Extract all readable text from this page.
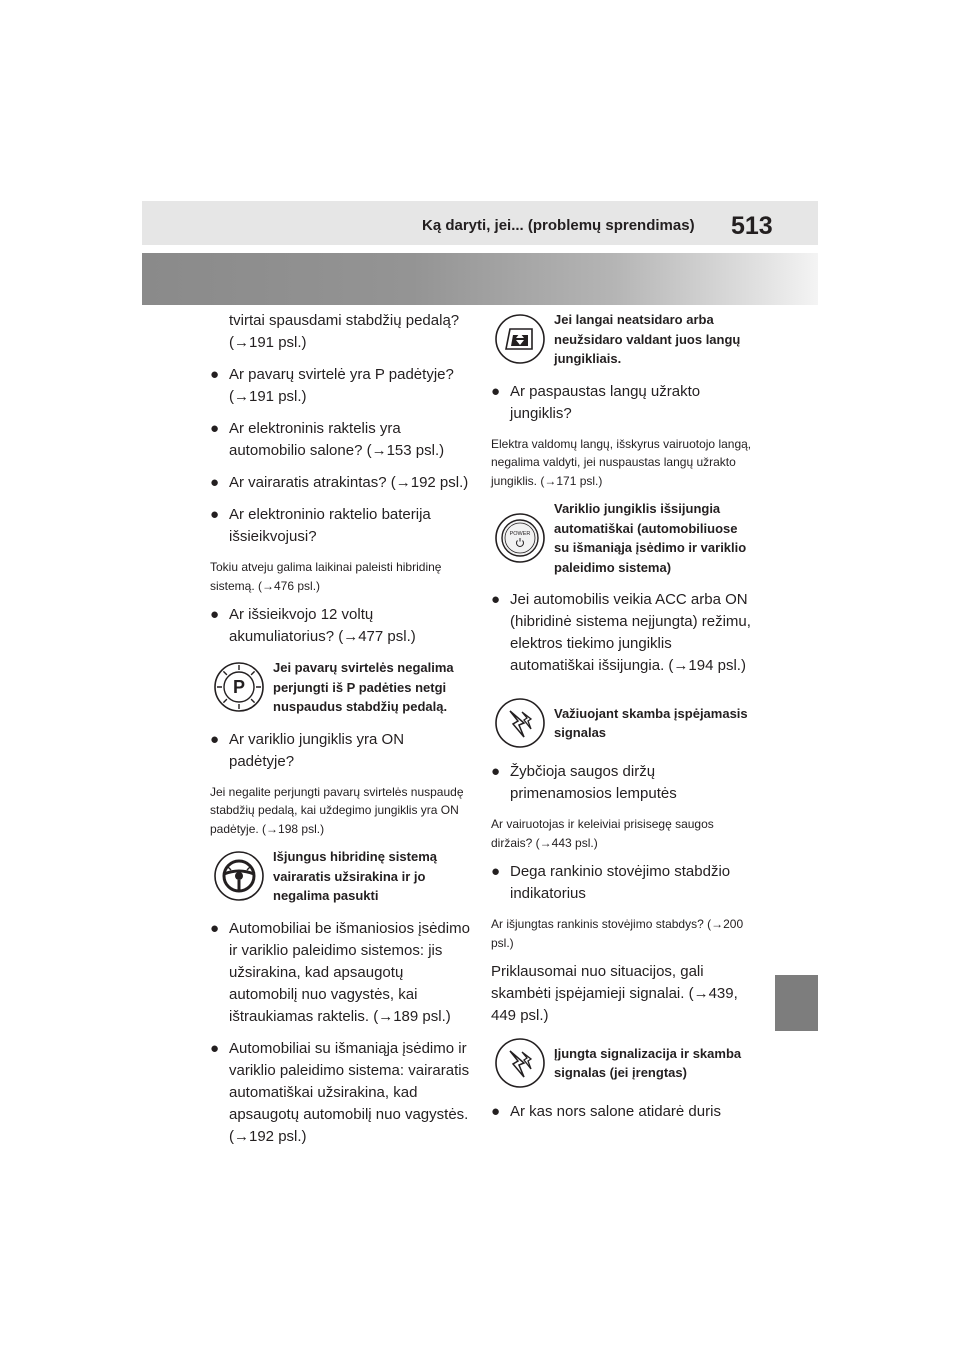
Ką daryti, jei... (problemų sprendimas) 513

tvirtai spausdami stabdžių pedalą? (→191 psl.)

● Ar pavarų svirtelė yra P padėtyje? (→191 psl.)
● Ar elektroninis raktelis yra automobilio salone? (→153 psl.)
● Ar vairaratis atrakintas? (→192 psl.)
● Ar elektroninio raktelio baterija išsieikvojusi?

Tokiu atveju galima laikinai paleisti hibridinę sistemą. (→476 psl.)

● Ar išsieikvojo 12 voltų akumuliatorius? (→477 psl.)
P
Jei pavarų svirtelės negalima perjungti iš P padėties netgi nuspaudus stabdžių pedalą.
● Ar variklio jungiklis yra ON padėtyje?

Jei negalite perjungti pavarų svirtelės nuspaudę stabdžių pedalą, kai uždegimo jungiklis yra ON padėtyje. (→198 psl.)

Išjungus hibridinę sistemą vairaratis užsirakina ir jo negalima pasukti
● Automobiliai be išmaniosios įsėdimo ir variklio paleidimo sistemos: jis užsirakina, kad apsaugotų automobilį nuo vagystės, kai ištraukiamas raktelis. (→189 psl.)
● Automobiliai su išmaniąja įsėdimo ir variklio paleidimo sistema: vairaratis automatiškai užsirakina, kad apsaugotų automobilį nuo vagystės. (→192 psl.)
Jei langai neatsidaro arba neužsidaro valdant juos langų jungikliais.
● Ar paspaustas langų užrakto jungiklis?

Elektra valdomų langų, išskyrus vairuotojo langą, negalima valdyti, jei nuspaustas langų užrakto jungiklis. (→171 psl.)

POWER
Variklio jungiklis išsijungia automatiškai (automobiliuose su išmaniąja įsėdimo ir variklio paleidimo sistema)
● Jei automobilis veikia ACC arba ON (hibridinė sistema neįjungta) režimu, elektros tiekimo jungiklis automatiškai išsijungia. (→194 psl.)
Važiuojant skamba įspėjamasis signalas
● Žybčioja saugos diržų primenamosios lemputės

Ar vairuotojas ir keleiviai prisisegę saugos diržais? (→443 psl.)

● Dega rankinio stovėjimo stabdžio indikatorius

Ar išjungtas rankinis stovėjimo stabdys? (→200 psl.)

Priklausomai nuo situacijos, gali skambėti įspėjamieji signalai. (→439, 449 psl.)

Įjungta signalizacija ir skamba signalas (jei įrengtas)
● Ar kas nors salone atidarė duris
